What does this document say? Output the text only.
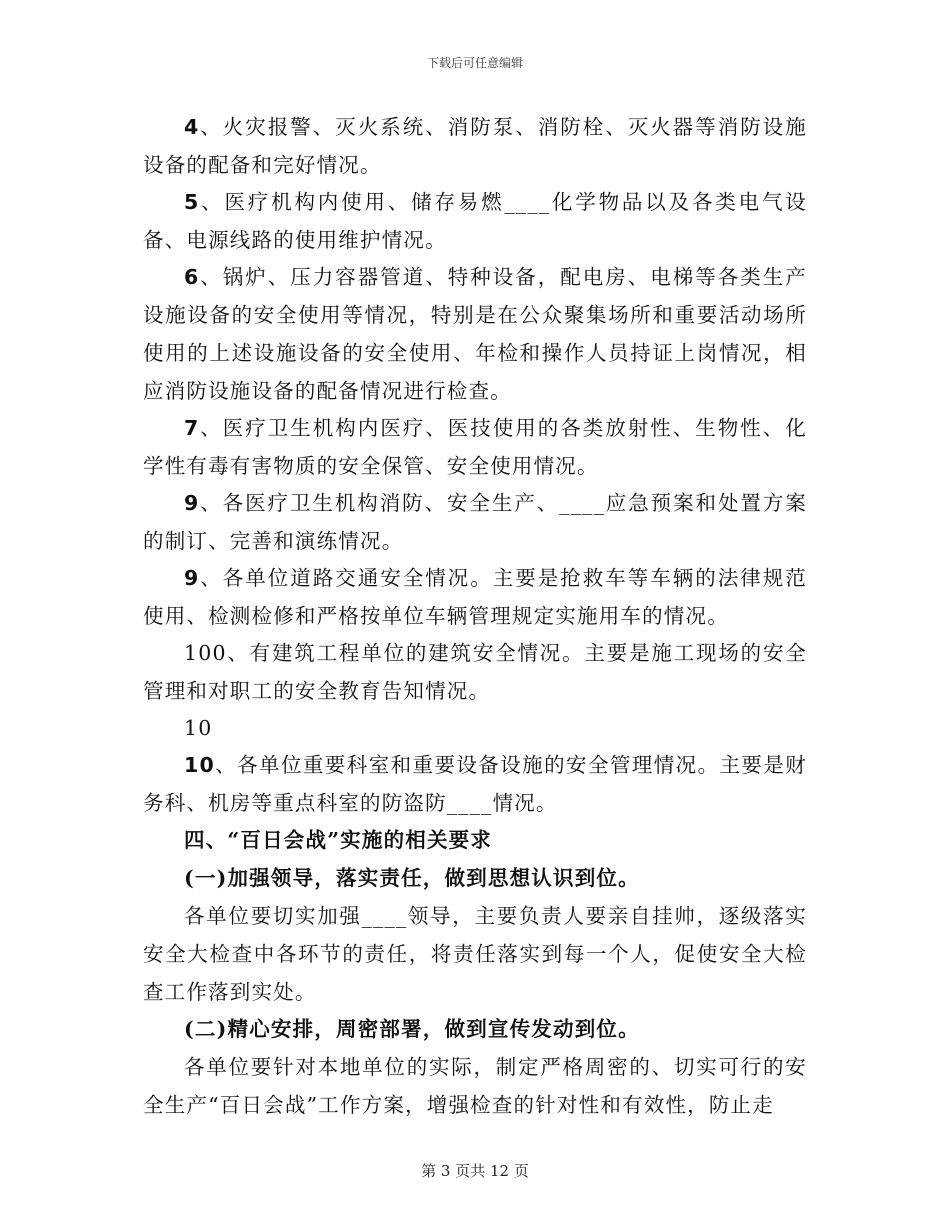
下载后可任意编辑

4、火灾报警、灭火系统、消防泵、消防栓、灭火器等消防设施设备的配备和完好情况。

5、医疗机构内使用、储存易燃____化学物品以及各类电气设备、电源线路的使用维护情况。

6、锅炉、压力容器管道、特种设备，配电房、电梯等各类生产设施设备的安全使用等情况，特别是在公众聚集场所和重要活动场所使用的上述设施设备的安全使用、年检和操作人员持证上岗情况，相应消防设施设备的配备情况进行检查。

7、医疗卫生机构内医疗、医技使用的各类放射性、生物性、化学性有毒有害物质的安全保管、安全使用情况。

9、各医疗卫生机构消防、安全生产、____应急预案和处置方案的制订、完善和演练情况。

9、各单位道路交通安全情况。主要是抢救车等车辆的法律规范使用、检测检修和严格按单位车辆管理规定实施用车的情况。

100、有建筑工程单位的建筑安全情况。主要是施工现场的安全管理和对职工的安全教育告知情况。

10

10、各单位重要科室和重要设备设施的安全管理情况。主要是财务科、机房等重点科室的防盗防____情况。

四、“百日会战”实施的相关要求

(一)加强领导，落实责任，做到思想认识到位。

各单位要切实加强____领导，主要负责人要亲自挂帅，逐级落实安全大检查中各环节的责任，将责任落实到每一个人，促使安全大检查工作落到实处。

(二)精心安排，周密部署，做到宣传发动到位。

各单位要针对本地单位的实际，制定严格周密的、切实可行的安全生产“百日会战”工作方案，增强检查的针对性和有效性，防止走

第 3 页共 12 页
